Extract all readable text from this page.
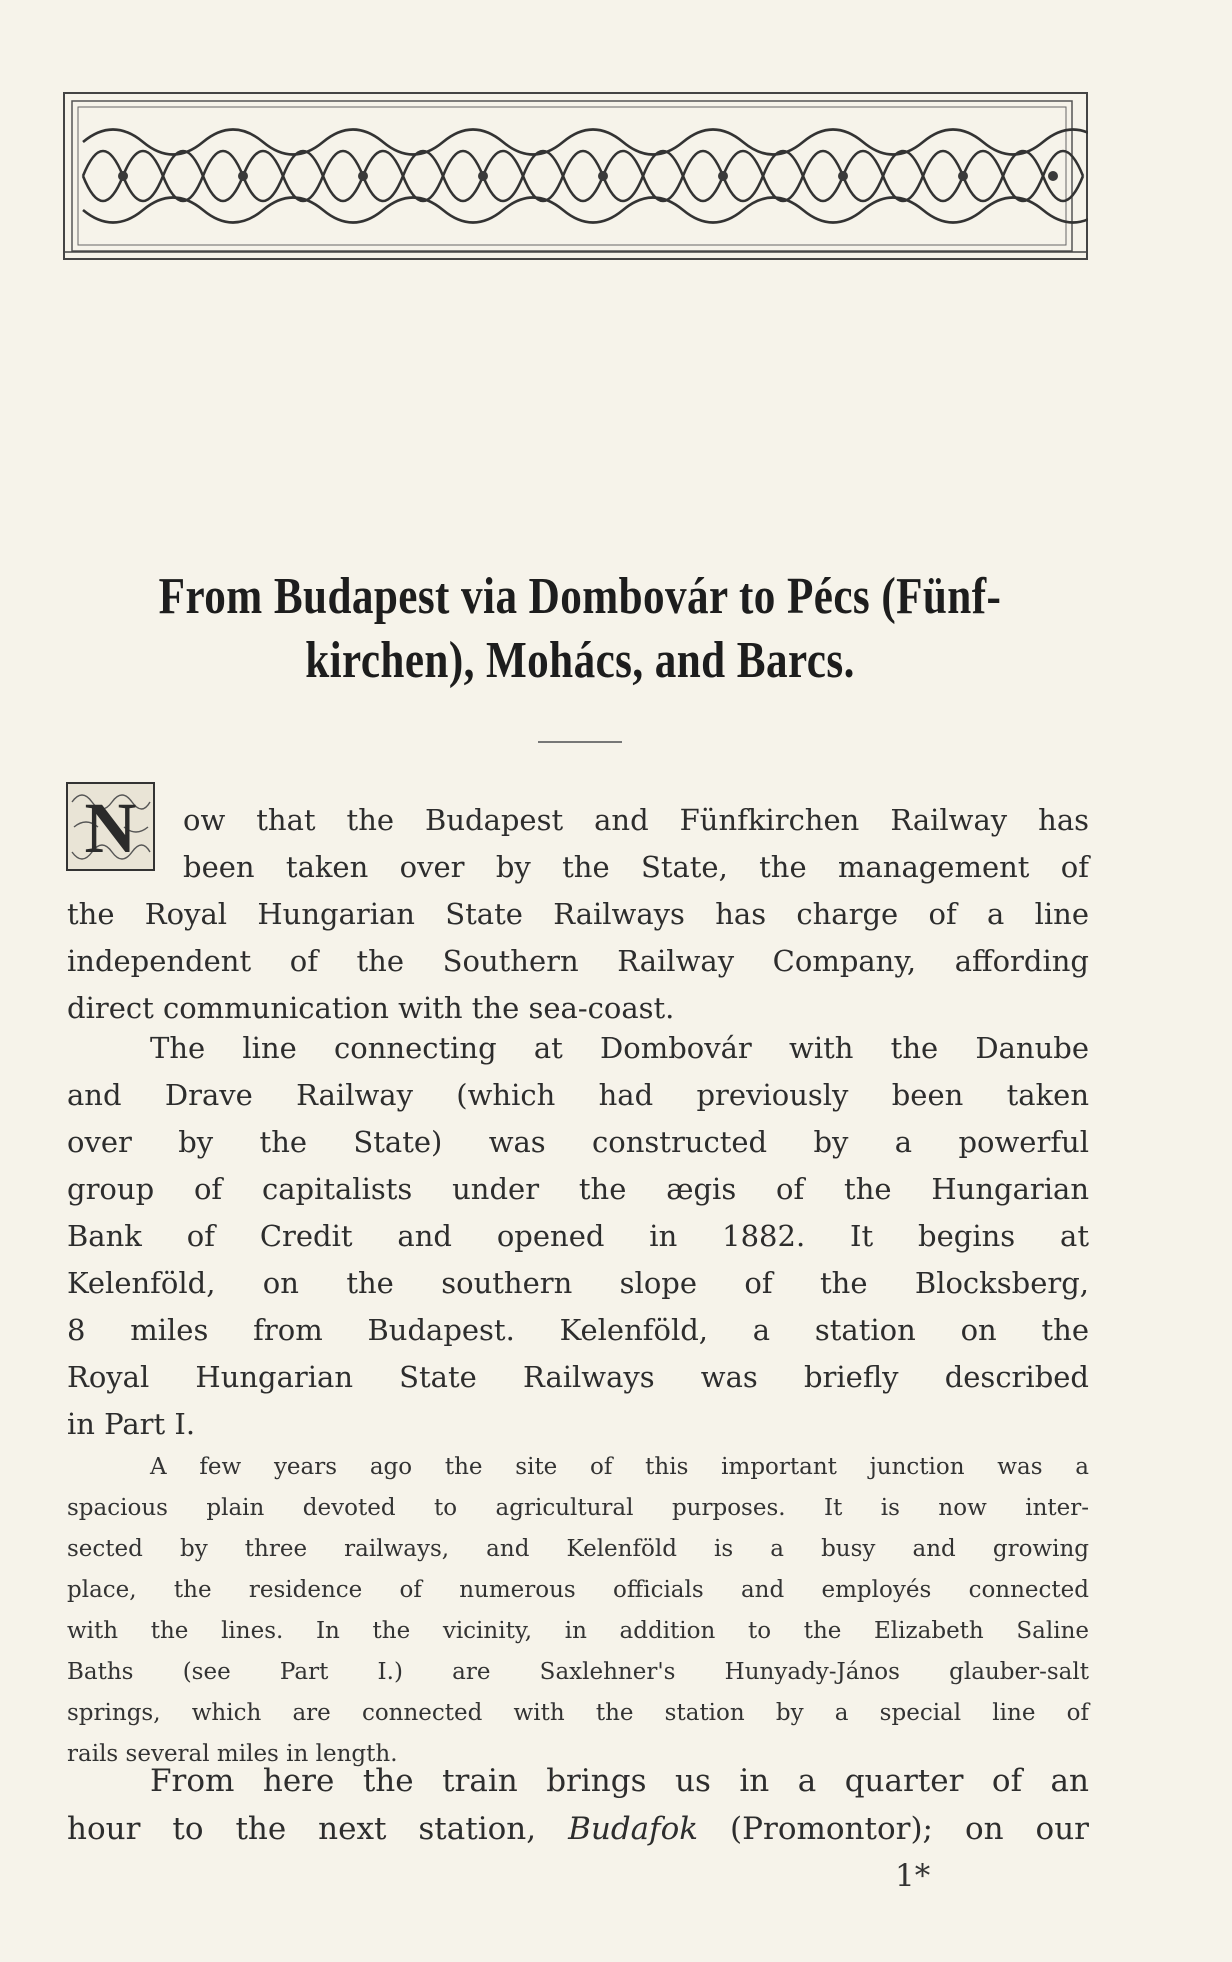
From Budapest via Dombovár to Pécs (Fünf-
kirchen), Mohács, and Barcs.
N	ow that the Budapest and Fünfkirchen Railway has
been taken over by the State, the management of
the Royal Hungarian State Railways has charge of a line
independent of the Southern Railway Company, affording
direct communication with the sea-coast.
The line connecting at Dombovár with the Danube
and Drave Railway (which had previously been taken
over by the State) was constructed by a powerful
group of capitalists under the ægis of the Hungarian
Bank of Credit and opened in 1882. It begins at
Kelenföld, on the southern slope of the Blocksberg,
8 miles from Budapest. Kelenföld, a station on the
Royal Hungarian State Railways was briefly described
in Part I.
A few years ago the site of this important junction was a
spacious plain devoted to agricultural purposes. It is now inter-
sected by three railways, and Kelenföld is a busy and growing
place, the residence of numerous officials and employés connected
with the lines. In the vicinity, in addition to the Elizabeth Saline
Baths (see Part I.) are Saxlehner's Hunyady-János glauber-salt
springs, which are connected with the station by a special line of
rails several miles in length.
From here the train brings us in a quarter of an
hour to the next station, Budafok (Promontor); on our
1*
